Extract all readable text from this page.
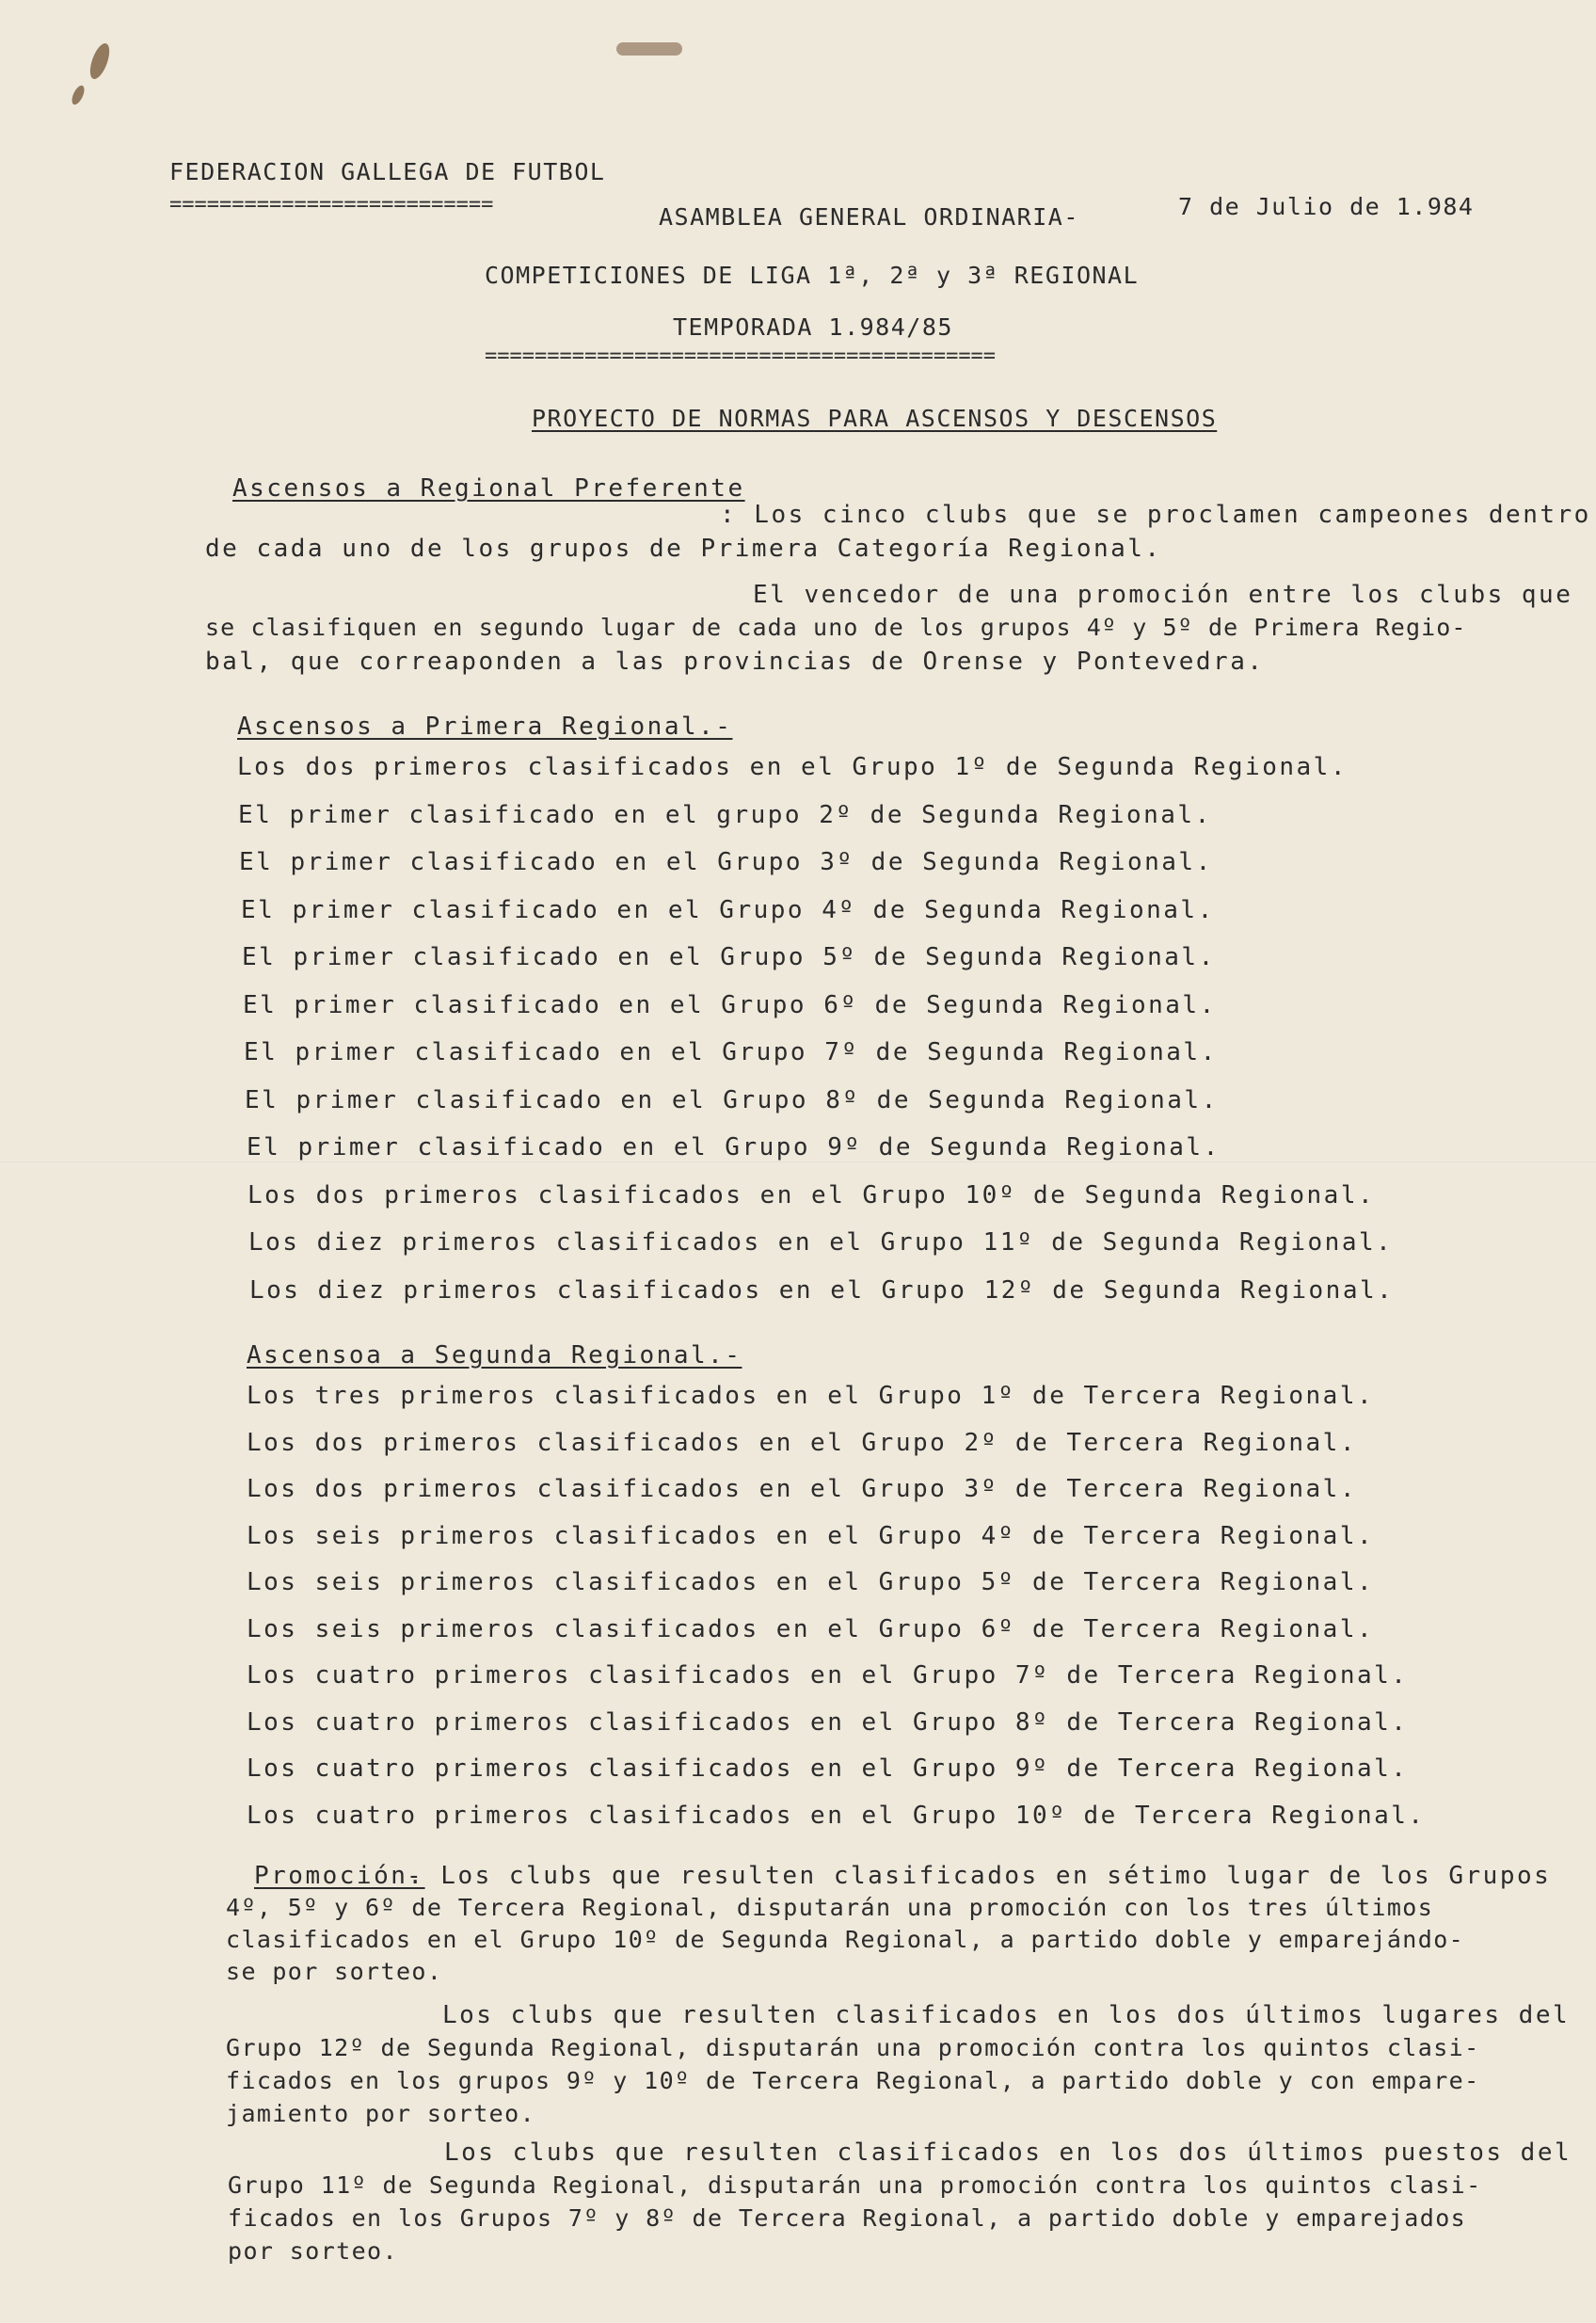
FEDERACION GALLEGA DE FUTBOL
==========================	ASAMBLEA GENERAL ORDINARIA-	7 de Julio de 1.984
COMPETICIONES DE LIGA 1ª, 2ª y 3ª REGIONAL
TEMPORADA 1.984/85
=========================================
PROYECTO DE NORMAS PARA ASCENSOS Y DESCENSOS
Ascensos a Regional Preferente
: Los cinco clubs que se proclamen campeones dentro
de cada uno de los grupos de Primera Categoría Regional.
El vencedor de una promoción entre los clubs que
se clasifiquen en segundo lugar de cada uno de los grupos 4º y 5º de Primera Regio-
bal, que correaponden a las provincias de Orense y Pontevedra.
Ascensos a Primera Regional.-
Los dos primeros clasificados en el Grupo 1º de Segunda Regional.
El primer clasificado en el grupo 2º de Segunda Regional.
El primer clasificado en el Grupo 3º de Segunda Regional.
El primer clasificado en el Grupo 4º de Segunda Regional.
El primer clasificado en el Grupo 5º de Segunda Regional.
El primer clasificado en el Grupo 6º de Segunda Regional.
El primer clasificado en el Grupo 7º de Segunda Regional.
El primer clasificado en el Grupo 8º de Segunda Regional.
El primer clasificado en el Grupo 9º de Segunda Regional.
Los dos primeros clasificados en el Grupo 10º de Segunda Regional.
Los diez primeros clasificados en el Grupo 11º de Segunda Regional.
Los diez primeros clasificados en el Grupo 12º de Segunda Regional.
Ascensoa a Segunda Regional.-
Los tres primeros clasificados en el Grupo 1º de Tercera Regional.
Los dos primeros clasificados en el Grupo 2º de Tercera Regional.
Los dos primeros clasificados en el Grupo 3º de Tercera Regional.
Los seis primeros clasificados en el Grupo 4º de Tercera Regional.
Los seis primeros clasificados en el Grupo 5º de Tercera Regional.
Los seis primeros clasificados en el Grupo 6º de Tercera Regional.
Los cuatro primeros clasificados en el Grupo 7º de Tercera Regional.
Los cuatro primeros clasificados en el Grupo 8º de Tercera Regional.
Los cuatro primeros clasificados en el Grupo 9º de Tercera Regional.
Los cuatro primeros clasificados en el Grupo 10º de Tercera Regional.
Promoción.
- Los clubs que resulten clasificados en sétimo lugar de los Grupos
4º, 5º y 6º de Tercera Regional, disputarán una promoción con los tres últimos
clasificados en el Grupo 10º de Segunda Regional, a partido doble y emparejándo-
se por sorteo.
Los clubs que resulten clasificados en los dos últimos lugares del
Grupo 12º de Segunda Regional, disputarán una promoción contra los quintos clasi-
ficados en los grupos 9º y 10º de Tercera Regional, a partido doble y con empare-
jamiento por sorteo.
Los clubs que resulten clasificados en los dos últimos puestos del
Grupo 11º de Segunda Regional, disputarán una promoción contra los quintos clasi-
ficados en los Grupos 7º y 8º de Tercera Regional, a partido doble y emparejados
por sorteo.
